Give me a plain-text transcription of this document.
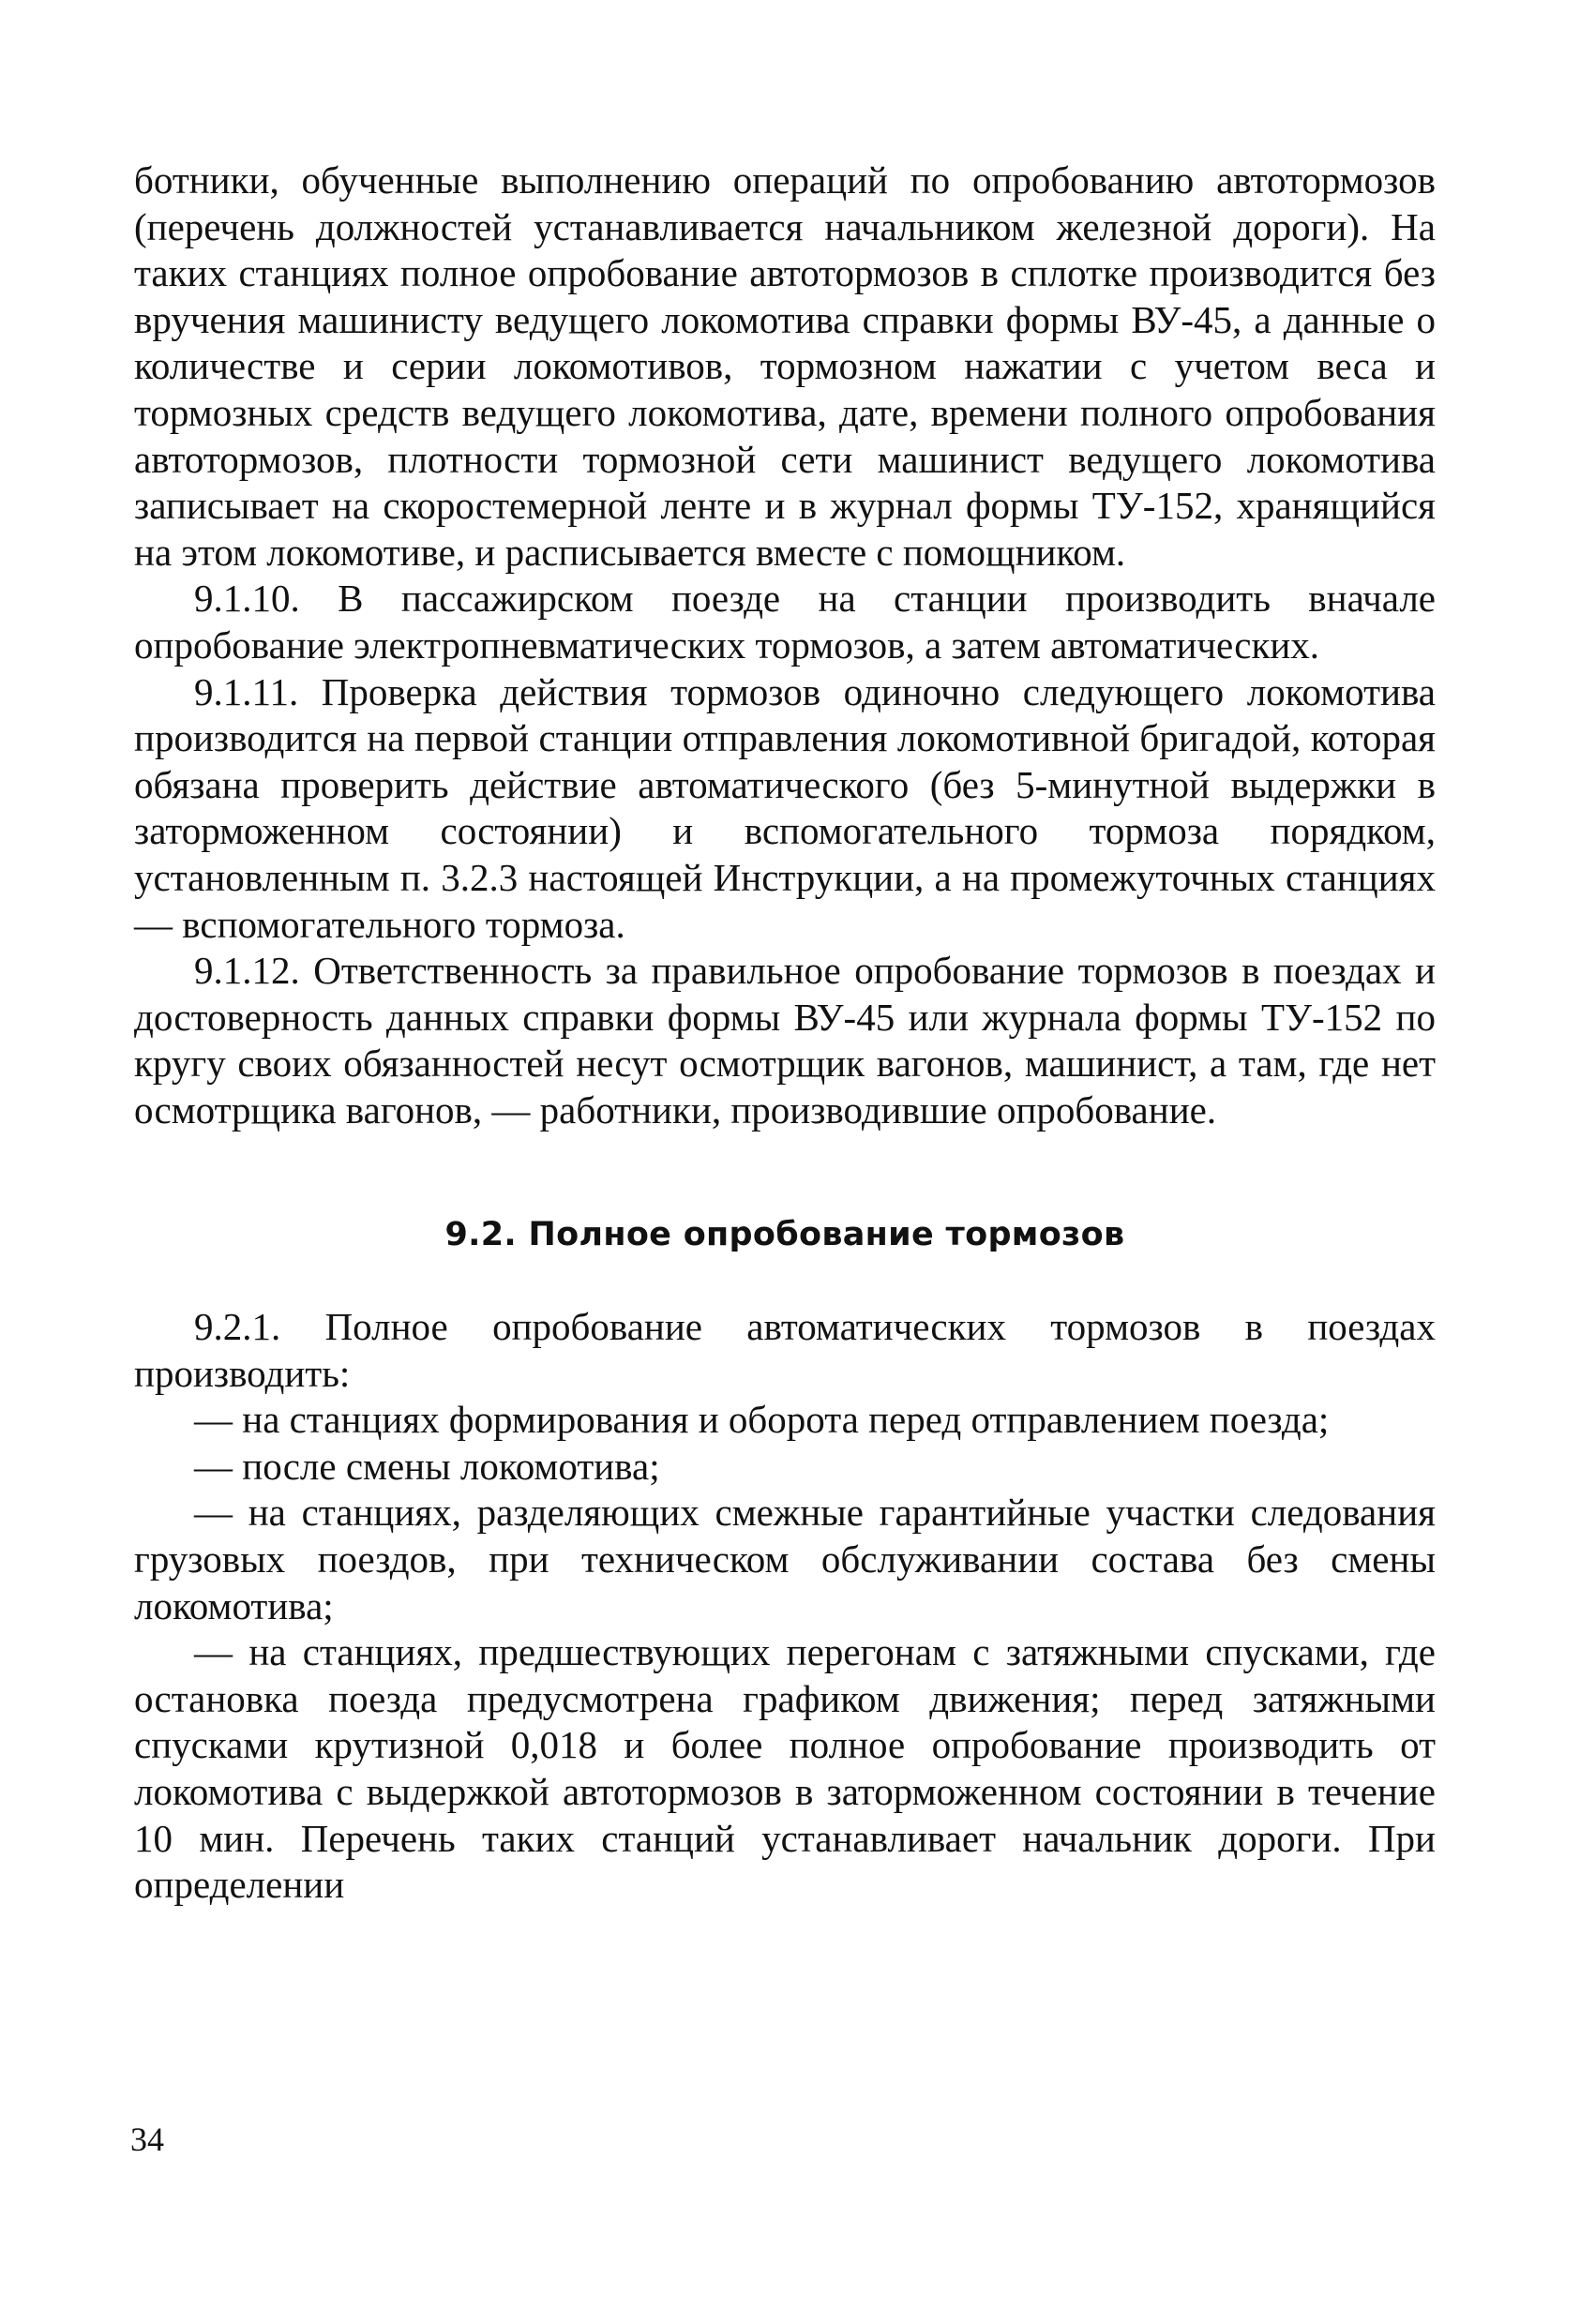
ботники, обученные выполнению операций по опробованию автотормозов (перечень должностей устанавливается начальником железной дороги). На таких станциях полное опробование автотормозов в сплотке производится без вручения машинисту ведущего локомотива справки формы ВУ-45, а данные о количестве и серии локомотивов, тормозном нажатии с учетом веса и тормозных средств ведущего локомотива, дате, времени полного опробования автотормозов, плотности тормозной сети машинист ведущего локомотива записывает на скоростемерной ленте и в журнал формы ТУ-152, хранящийся на этом локомотиве, и расписывается вместе с помощником.

9.1.10. В пассажирском поезде на станции производить вначале опробование электропневматических тормозов, а затем автоматических.

9.1.11. Проверка действия тормозов одиночно следующего локомотива производится на первой станции отправления локомотивной бригадой, которая обязана проверить действие автоматического (без 5-минутной выдержки в заторможенном состоянии) и вспомогательного тормоза порядком, установленным п. 3.2.3 настоящей Инструкции, а на промежуточных станциях — вспомогательного тормоза.

9.1.12. Ответственность за правильное опробование тормозов в поездах и достоверность данных справки формы ВУ-45 или журнала формы ТУ-152 по кругу своих обязанностей несут осмотрщик вагонов, машинист, а там, где нет осмотрщика вагонов, — работники, производившие опробование.

9.2. Полное опробование тормозов

9.2.1. Полное опробование автоматических тормозов в поездах производить:

— на станциях формирования и оборота перед отправлением поезда;

— после смены локомотива;

— на станциях, разделяющих смежные гарантийные участки следования грузовых поездов, при техническом обслуживании состава без смены локомотива;

— на станциях, предшествующих перегонам с затяжными спусками, где остановка поезда предусмотрена графиком движения; перед затяжными спусками крутизной 0,018 и более полное опробование производить от локомотива с выдержкой автотормозов в заторможенном состоянии в течение 10 мин. Перечень таких станций устанавливает начальник дороги. При определении

34
